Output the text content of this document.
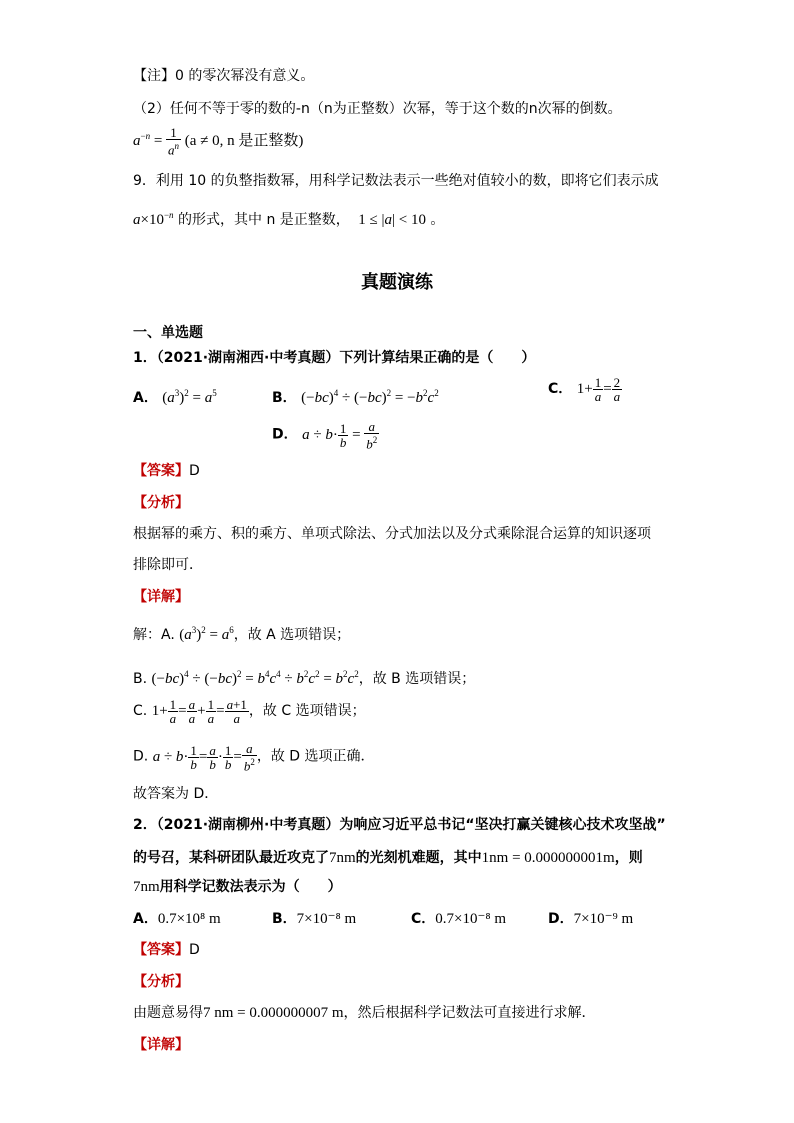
【注】0 的零次幂没有意义。
（2）任何不等于零的数的-n（n为正整数）次幂，等于这个数的n次幂的倒数。
$a^{-n} = \frac{1}{a^n} (a \ne 0$, n 是正整数)
9．利用 10 的负整指数幂，用科学记数法表示一些绝对值较小的数，即将它们表示成
$a\times 10^{-n}$ 的形式，其中 n 是正整数， 1 ≤ |a| < 10 。
真题演练
一、单选题
1．（2021·湖南湘西·中考真题）下列计算结果正确的是（　　）
A． $(a^3)^2 = a^5$	B． $(-bc)^4 \div (-bc)^2 = -b^2c^2$	C． $1+ \frac{1}{a} = \frac{2}{a}$
D． $a \div b\cdot \frac{1}{b} = \frac{a}{b^2}$
【答案】D
【分析】
根据幂的乘方、积的乘方、单项式除法、分式加法以及分式乘除混合运算的知识逐项
排除即可．
【详解】
解：A. $(a^3)^2 = a^6$，故 A 选项错误；
B. $(-bc)^4 \div (-bc)^2 = b^4c^4 \div b^2c^2 = b^2c^2$，故 B 选项错误；
C. $1+ \frac{1}{a} = \frac{a}{a} + \frac{1}{a} = \frac{a+1}{a}$ ，故 C 选项错误；
D. $a \div b\cdot \frac{1}{b} = \frac{a}{b} \cdot \frac{1}{b} = \frac{a}{b^2}$ ，故 D 选项正确．
故答案为 D．
2．（2021·湖南柳州·中考真题）为响应习近平总书记“坚决打赢关键核心技术攻坚战”
的号召，某科研团队最近攻克了7nm的光刻机难题，其中1nm = 0.000000001m，则
7nm用科学记数法表示为（　　）
A．0.7×10⁸ m	B．7×10⁻⁸ m	C．0.7×10⁻⁸ m	D．7×10⁻⁹ m
【答案】D
【分析】
由题意易得7 nm = 0.000000007 m，然后根据科学记数法可直接进行求解．
【详解】
